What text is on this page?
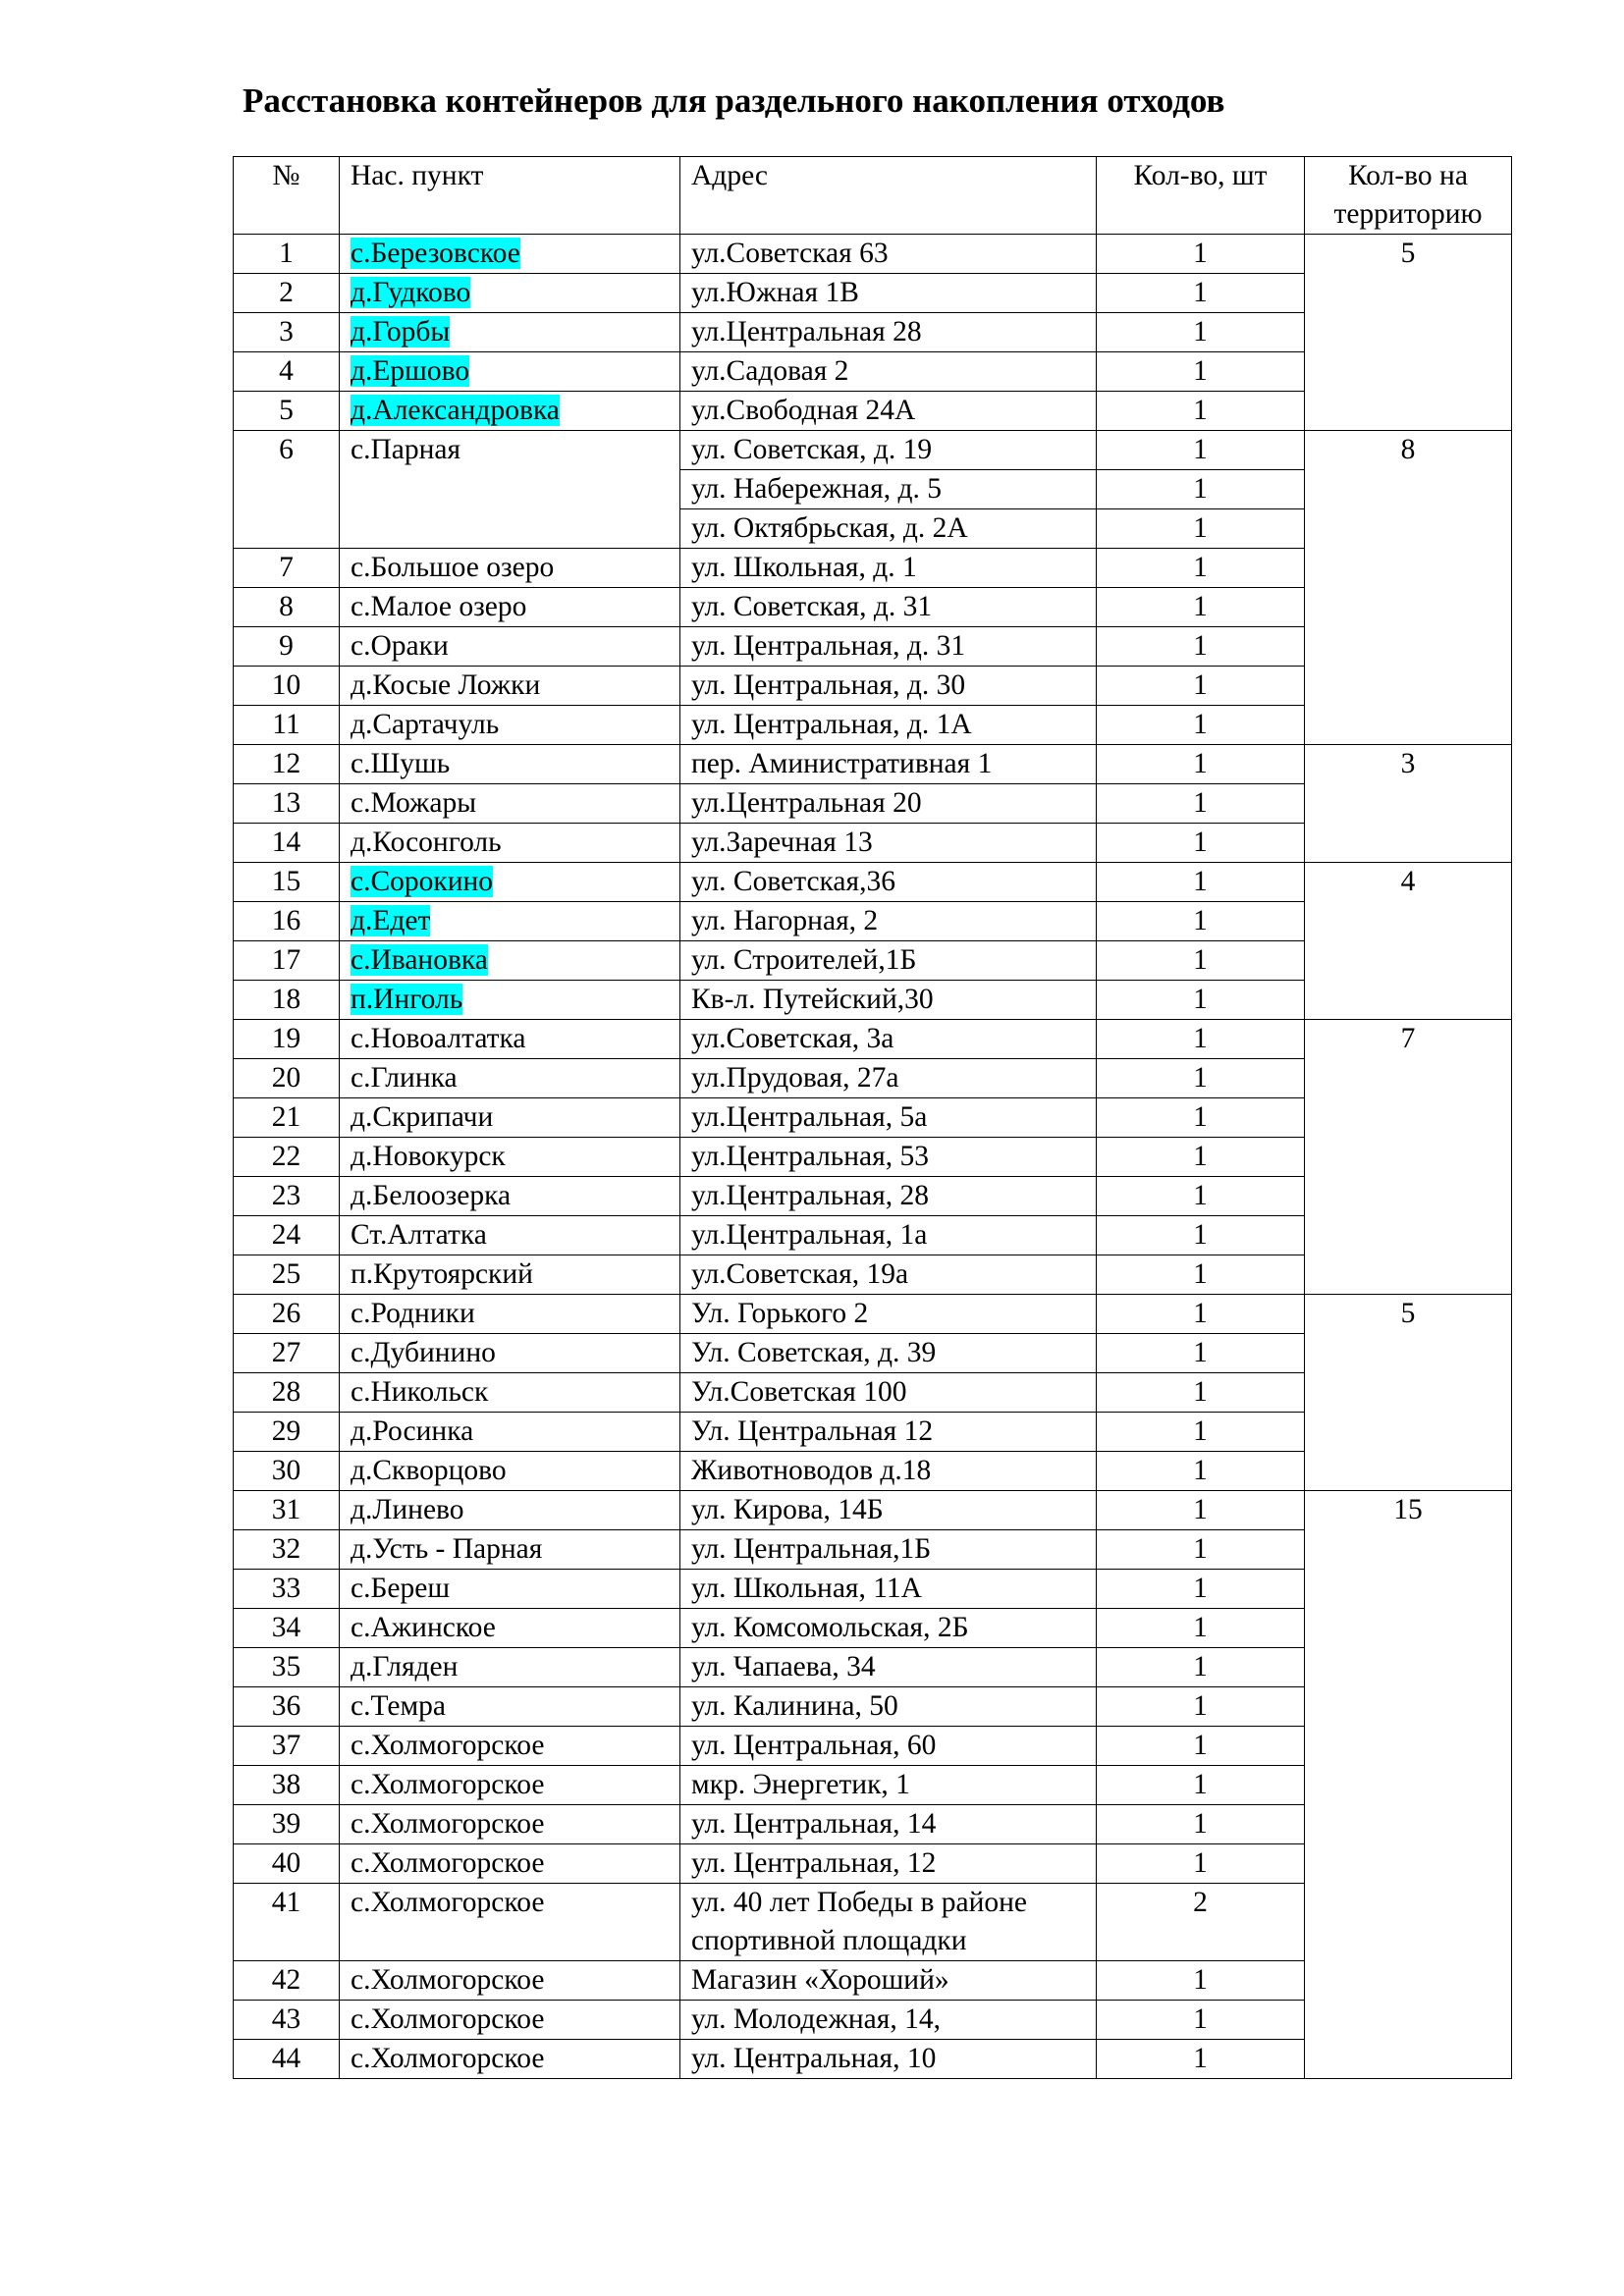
Расстановка контейнеров для раздельного накопления отходов
№	Нас. пункт	Адрес	Кол-во, шт	Кол-во на территорию
1	с.Березовское	ул.Советская 63	1	5
2	д.Гудково	ул.Южная 1В	1	
3	д.Горбы	ул.Центральная 28	1	
4	д.Ершово	ул.Садовая 2	1	
5	д.Александровка	ул.Свободная 24А	1	
6	с.Парная	ул. Советская, д. 19	1	8
		ул. Набережная, д. 5	1	
		ул. Октябрьская, д. 2А	1	
7	с.Большое озеро	ул. Школьная, д. 1	1	
8	с.Малое озеро	ул. Советская, д. 31	1	
9	с.Ораки	ул. Центральная, д. 31	1	
10	д.Косые Ложки	ул. Центральная, д. 30	1	
11	д.Сартачуль	ул. Центральная, д. 1А	1	
12	с.Шушь	пер. Аминистративная 1	1	3
13	с.Можары	ул.Центральная 20	1	
14	д.Косонголь	ул.Заречная 13	1	
15	с.Сорокино	ул. Советская,36	1	4
16	д.Едет	ул. Нагорная, 2	1	
17	с.Ивановка	ул. Строителей,1Б	1	
18	п.Инголь	Кв-л. Путейский,30	1	
19	с.Новоалтатка	ул.Советская, 3а	1	7
20	с.Глинка	ул.Прудовая, 27а	1	
21	д.Скрипачи	ул.Центральная, 5а	1	
22	д.Новокурск	ул.Центральная, 53	1	
23	д.Белоозерка	ул.Центральная, 28	1	
24	Ст.Алтатка	ул.Центральная, 1а	1	
25	п.Крутоярский	ул.Советская, 19а	1	
26	с.Родники	Ул. Горького 2	1	5
27	с.Дубинино	Ул. Советская, д. 39	1	
28	с.Никольск	Ул.Советская 100	1	
29	д.Росинка	Ул. Центральная 12	1	
30	д.Скворцово	Животноводов д.18	1	
31	д.Линево	ул. Кирова, 14Б	1	15
32	д.Усть - Парная	ул. Центральная,1Б	1	
33	с.Береш	ул. Школьная, 11А	1	
34	с.Ажинское	ул. Комсомольская, 2Б	1	
35	д.Гляден	ул. Чапаева, 34	1	
36	с.Темра	ул. Калинина, 50	1	
37	с.Холмогорское	ул. Центральная, 60	1	
38	с.Холмогорское	мкр. Энергетик, 1	1	
39	с.Холмогорское	ул. Центральная, 14	1	
40	с.Холмогорское	ул. Центральная, 12	1	
41	с.Холмогорское	ул. 40 лет Победы в районе спортивной площадки	2	
42	с.Холмогорское	Магазин «Хороший»	1	
43	с.Холмогорское	ул. Молодежная, 14,	1	
44	с.Холмогорское	ул. Центральная, 10	1	
